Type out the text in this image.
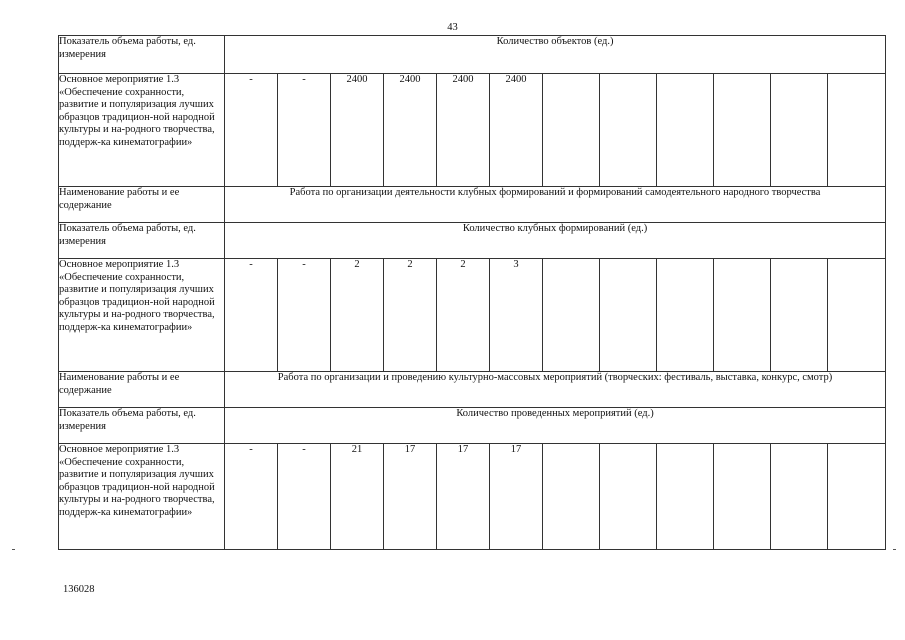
43
Показатель объема работы, ед. измерения	Количество объектов (ед.)											
Основное мероприятие 1.3 «Обеспечение сохранности, развитие и популяризация лучших образцов традицион-ной народной культуры и на-родного творчества, поддерж-ка кинематографии»	-	-	2400	2400	2400	2400						
Наименование работы и ее содержание	Работа по организации деятельности клубных формирований и формирований самодеятельного народного творчества											
Показатель объема работы, ед. измерения	Количество клубных формирований (ед.)											
Основное мероприятие 1.3 «Обеспечение сохранности, развитие и популяризация лучших образцов традицион-ной народной культуры и на-родного творчества, поддерж-ка кинематографии»	-	-	2	2	2	3						
Наименование работы и ее содержание	Работа по организации и проведению культурно-массовых мероприятий (творческих: фестиваль, выставка, конкурс, смотр)											
Показатель объема работы, ед. измерения	Количество проведенных мероприятий (ед.)											
Основное мероприятие 1.3 «Обеспечение сохранности, развитие и популяризация лучших образцов традицион-ной народной культуры и на-родного творчества, поддерж-ка кинематографии»	-	-	21	17	17	17						
136028
